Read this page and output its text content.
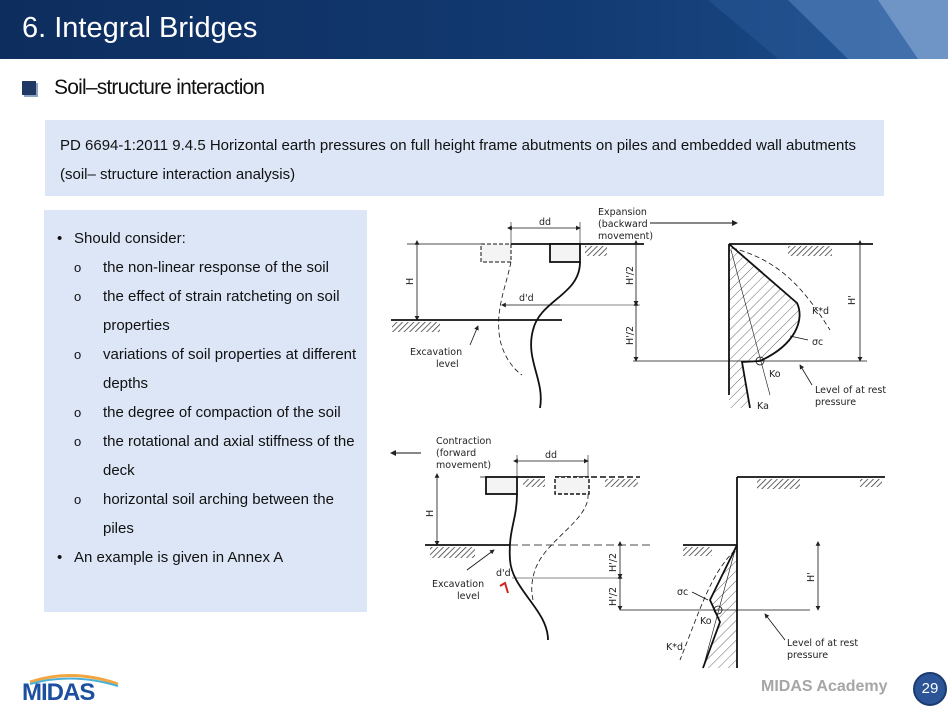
6. Integral Bridges
Soil–structure interaction
PD 6694-1:2011 9.4.5 Horizontal earth pressures on full height frame abutments on piles and embedded wall abutments (soil– structure interaction analysis)
• Should consider:
o the non-linear response of the soil
o the effect of strain ratcheting on soil properties
o variations of soil properties at different depths
o the degree of compaction of the soil
o the rotational and axial stiffness of the deck
o horizontal soil arching between the piles
• An example is given in Annex A
Expansion
(backward
movement)
dd
d'd
H	H'/2
H'/2
H'
Excavation
level
K*d
σc
Ko
Ka
Level of at rest
pressure
Contraction
(forward
movement)
dd
d'd
H
H'/2
H'/2
H'
Excavation
level	σc
Ko
K*d	Level of at rest
pressure
MIDAS	MIDAS Academy	29
